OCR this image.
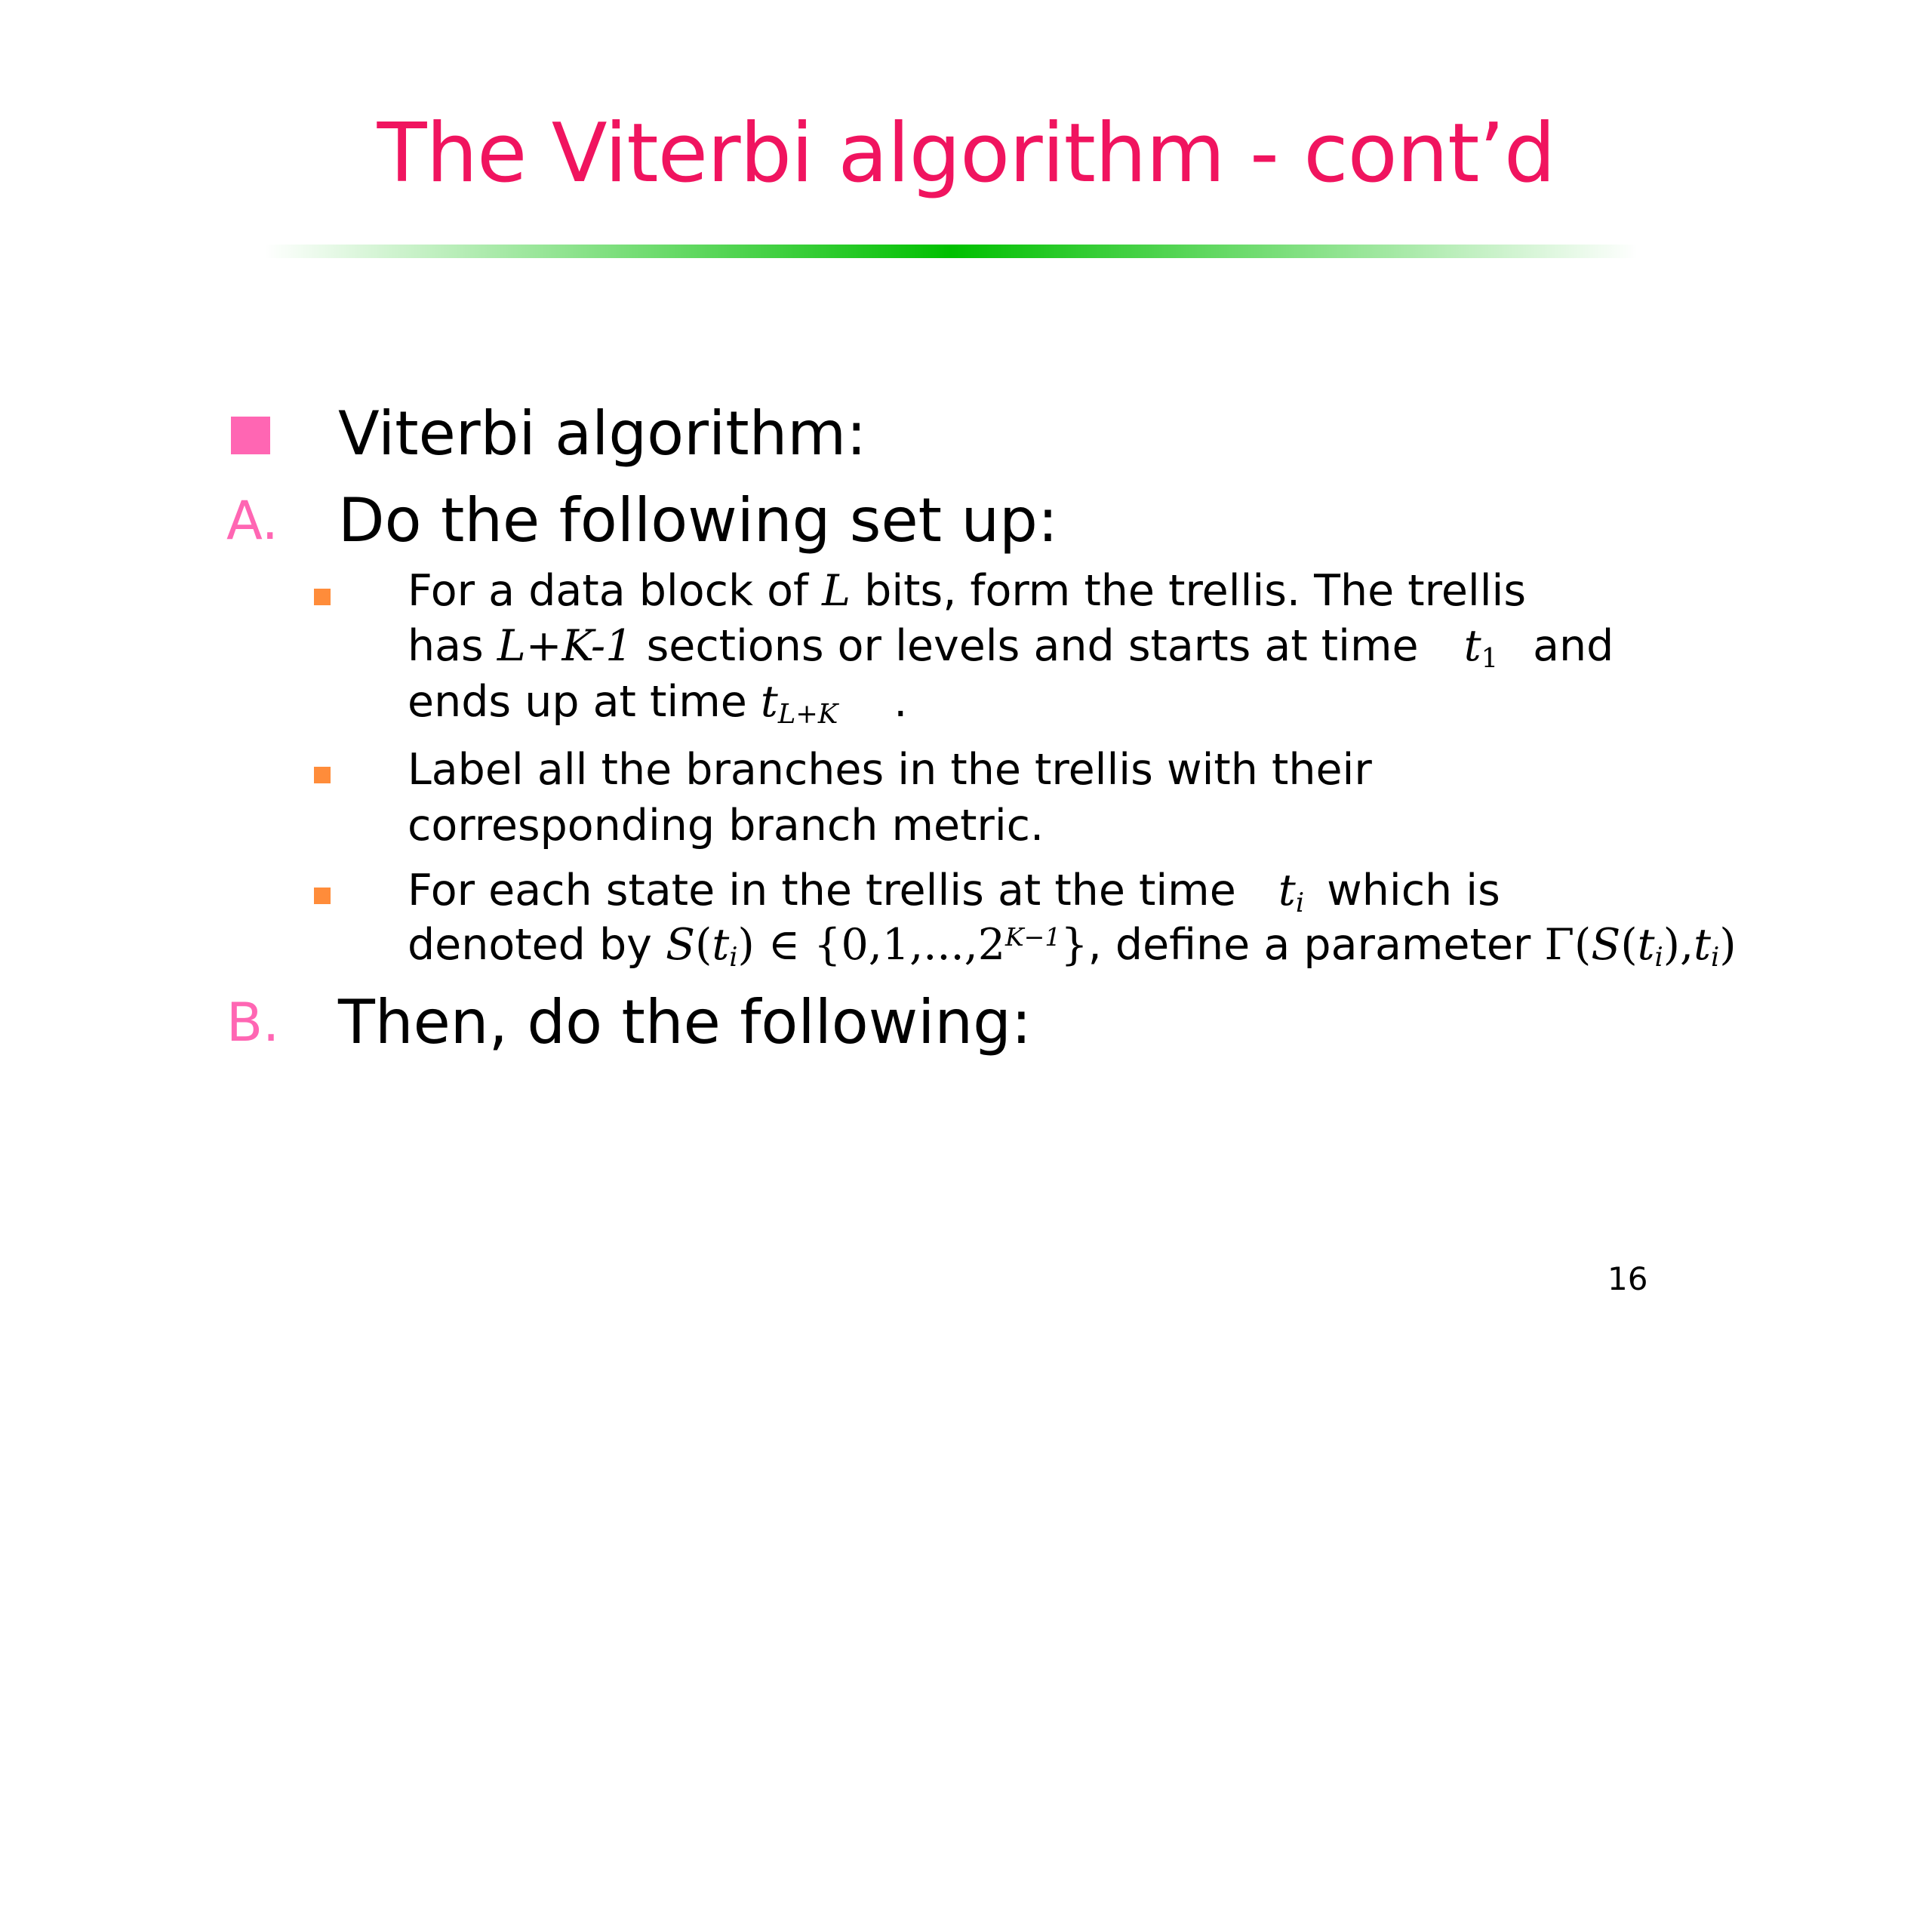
The Viterbi algorithm - cont’d
Viterbi algorithm:
A. Do the following set up:
For a data block of L bits, form the trellis. The trellis
has L+K-1 sections or levels and starts at time $t_1$ and
ends up at time $t_{L+K}$ .
Label all the branches in the trellis with their
corresponding branch metric.
For each state in the trellis at the time $t_i$ which is
denoted by $S(t_i)$ ∈ $\{0,1,...,2^{K-1}\}$, define a parameter $\Gamma(S(t_i),t_i)$
B. Then, do the following:
16
